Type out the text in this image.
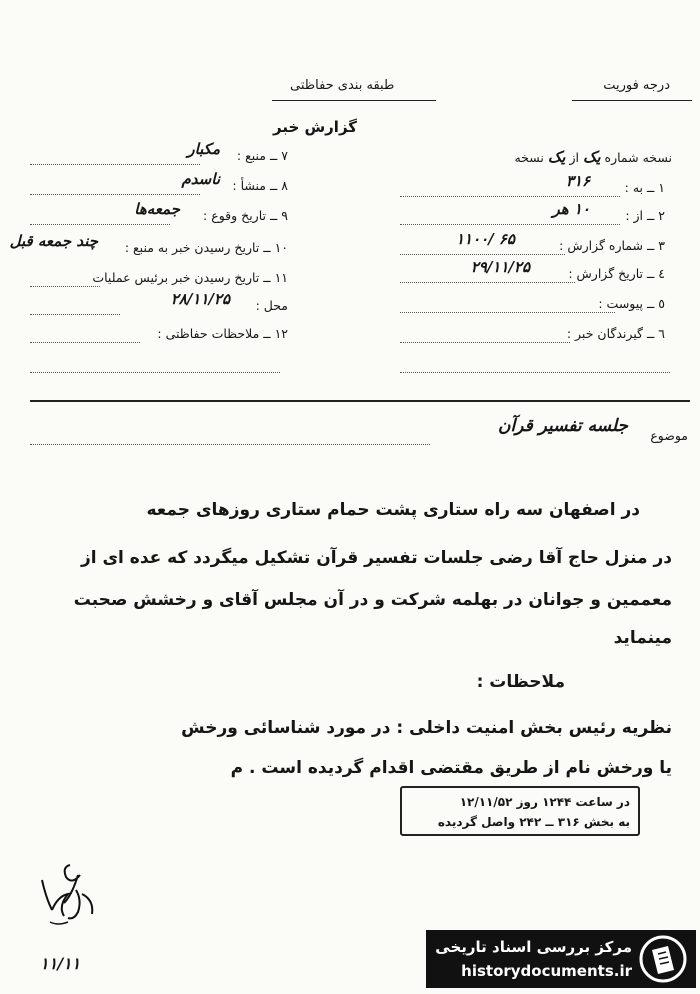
درجه فوریت
طبقه بندی حفاظتی
گزارش خبر
نسخه شماره یک از یک نسخه
۱ ــ به :
۳۱۶
۲ ــ از :
۱۰ هر
۳ ــ شماره گزارش :
۱۱۰۰/ ۶۵
٤ ــ تاریخ گزارش :
۲۹/۱۱/۲۵
٥ ــ پیوست :
٦ ــ گیرندگان خبر :
۷ ــ منبع :
مکبار
۸ ــ منشأ :
ناسدم
۹ ــ تاریخ وقوع :
جمعه‌ها
۱۰ ــ تاریخ رسیدن خبر به منبع :
چند جمعه قبل
۱۱ ــ تاریخ رسیدن خبر برئیس عملیات
محل :
۲۸/۱۱/۲۵
۱۲ ــ ملاحظات حفاظتی :
موضوع
جلسه تفسیر قرآن
در اصفهان سه راه ستاری پشت حمام ستاری روزهای جمعه
در منزل حاج آقا رضی جلسات تفسیر قرآن تشکیل میگردد که عده ای از
معممین و جوانان در بهلمه شرکت و در آن مجلس آقای و رخشش صحبت
مینماید
ملاحظات :
نظریه رئیس بخش امنیت داخلی : در مورد شناسائی ورخش
یا ورخش نام از طریق مقتضی اقدام گردیده است . م
در ساعت ۱۲۴۴ روز ۱۲/۱۱/۵۲
به بخش ۳۱۶ ــ ۲۴۲ واصل گردیده
۱۱/۱۱
مرکز بررسی اسناد تاریخی
historydocuments.ir
